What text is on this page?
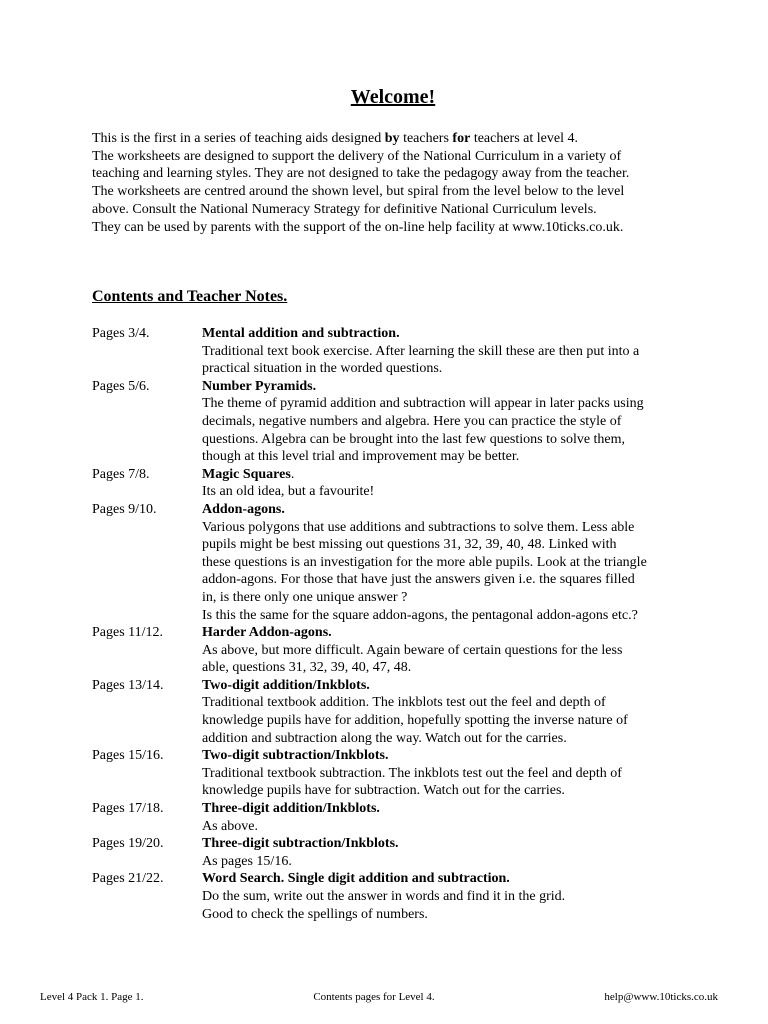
Welcome!

This is the first in a series of teaching aids designed by teachers for teachers at level 4.

The worksheets are designed to support the delivery of the National Curriculum in a variety of

teaching and learning styles. They are not designed to take the pedagogy away from the teacher.

The worksheets are centred around the shown level, but spiral from the level below to the level

above. Consult the National Numeracy Strategy for definitive National Curriculum levels.

They can be used by parents with the support of the on-line help facility at www.10ticks.co.uk.

Contents and Teacher Notes.
Pages 3/4.	Mental addition and subtraction.
Traditional text book exercise. After learning the skill these are then put into a
practical situation in the worded questions.
Pages 5/6.	Number Pyramids.
The theme of pyramid addition and subtraction will appear in later packs using
decimals, negative numbers and algebra. Here you can practice the style of
questions. Algebra can be brought into the last few questions to solve them,
though at this level trial and improvement may be better.
Pages 7/8.	Magic Squares.
Its an old idea, but a favourite!
Pages 9/10.	Addon-agons.
Various polygons that use additions and subtractions to solve them. Less able
pupils might be best missing out questions 31, 32, 39, 40, 48. Linked with
these questions is an investigation for the more able pupils. Look at the triangle
addon-agons. For those that have just the answers given i.e. the squares filled
in, is there only one unique answer ?
Is this the same for the square addon-agons, the pentagonal addon-agons etc.?
Pages 11/12.	Harder Addon-agons.
As above, but more difficult. Again beware of certain questions for the less
able, questions 31, 32, 39, 40, 47, 48.
Pages 13/14.	Two-digit addition/Inkblots.
Traditional textbook addition. The inkblots test out the feel and depth of
knowledge pupils have for addition, hopefully spotting the inverse nature of
addition and subtraction along the way. Watch out for the carries.
Pages 15/16.	Two-digit subtraction/Inkblots.
Traditional textbook subtraction. The inkblots test out the feel and depth of
knowledge pupils have for subtraction. Watch out for the carries.
Pages 17/18.	Three-digit addition/Inkblots.
As above.
Pages 19/20.	Three-digit subtraction/Inkblots.
As pages 15/16.
Pages 21/22.	Word Search. Single digit addition and subtraction.
Do the sum, write out the answer in words and find it in the grid.
Good to check the spellings of numbers.
Level 4 Pack 1. Page 1.	Contents pages for Level 4.	help@www.10ticks.co.uk
